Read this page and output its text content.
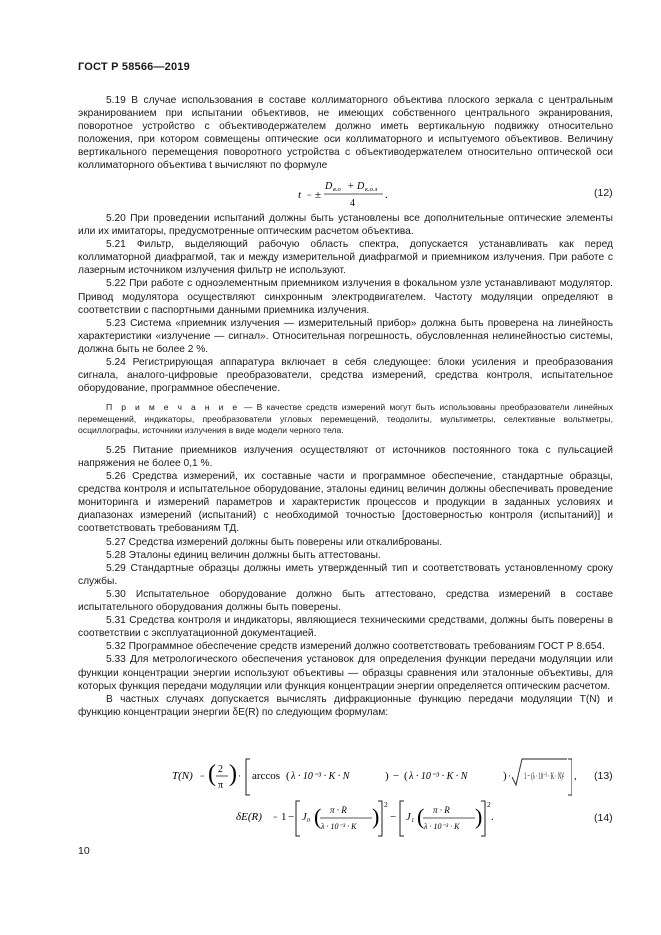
ГОСТ Р 58566—2019

5.19 В случае использования в составе коллиматорного объектива плоского зеркала с центральным экранированием при испытании объективов, не имеющих собственного центрального экранирования, поворотное устройство с объективодержателем должно иметь вертикальную подвижку относительно положения, при котором совмещены оптические оси коллиматорного и испытуемого объективов. Величину вертикального перемещения поворотного устройства с объективодержателем относительно оптической оси коллиматорного объектива t вычисляют по формуле

t = ±
D в.о + D к.о.э
4
.	(12)

5.20 При проведении испытаний должны быть установлены все дополнительные оптические элементы или их имитаторы, предусмотренные оптическим расчетом объектива.

5.21 Фильтр, выделяющий рабочую область спектра, допускается устанавливать как перед коллиматорной диафрагмой, так и между измерительной диафрагмой и приемником излучения. При работе с лазерным источником излучения фильтр не используют.

5.22 При работе с одноэлементным приемником излучения в фокальном узле устанавливают модулятор. Привод модулятора осуществляют синхронным электродвигателем. Частоту модуляции определяют в соответствии с паспортными данными приемника излучения.

5.23 Система «приемник излучения — измерительный прибор» должна быть проверена на линейность характеристики «излучение — сигнал». Относительная погрешность, обусловленная нелинейностью системы, должна быть не более 2 %.

5.24 Регистрирующая аппаратура включает в себя следующее: блоки усиления и преобразования сигнала, аналого-цифровые преобразователи, средства измерений, средства контроля, испытательное оборудование, программное обеспечение.

П р и м е ч а н и е — В качестве средств измерений могут быть использованы преобразователи линейных перемещений, индикаторы, преобразователи угловых перемещений, теодолиты, мультиметры, селективные вольтметры, осциллографы, источники излучения в виде модели черного тела.

5.25 Питание приемников излучения осуществляют от источников постоянного тока с пульсацией напряжения не более 0,1 %.

5.26 Средства измерений, их составные части и программное обеспечение, стандартные образцы, средства контроля и испытательное оборудование, эталоны единиц величин должны обеспечивать проведение мониторинга и измерений параметров и характеристик процессов и продукции в заданных условиях и диапазонах измерений (испытаний) с необходимой точностью [достоверностью контроля (испытаний)] и соответствовать требованиям ТД.

5.27 Средства измерений должны быть поверены или откалиброваны.

5.28 Эталоны единиц величин должны быть аттестованы.

5.29 Стандартные образцы должны иметь утвержденный тип и соответствовать установленному сроку службы.

5.30 Испытательное оборудование должно быть аттестовано, средства измерений в составе испытательного оборудования должны быть поверены.

5.31 Средства контроля и индикаторы, являющиеся техническими средствами, должны быть поверены в соответствии с эксплуатационной документацией.

5.32 Программное обеспечение средств измерений должно соответствовать требованиям ГОСТ Р 8.654.

5.33 Для метрологического обеспечения установок для определения функции передачи модуляции или функции концентрации энергии используют объективы — образцы сравнения или эталонные объективы, для которых функция передачи модуляции или функция концентрации энергии определяется оптическим расчетом.

В частных случаях допускается вычислять дифракционные функцию передачи модуляции T(N) и функцию концентрации энергии δE(R) по следующим формулам:

T(N) = ( 2
π ) · arccos ( λ · 10⁻³ · K · N	) − ( λ · 10⁻³ · K · N	) · 1 − (λ · 10⁻³ , (13)
δE(R) = 1 − J₀ ( π · R
λ · 10⁻³ · K ) 2
− J₁ ( π · R
λ · 10⁻³ · K ) 2
.	(14)
10
